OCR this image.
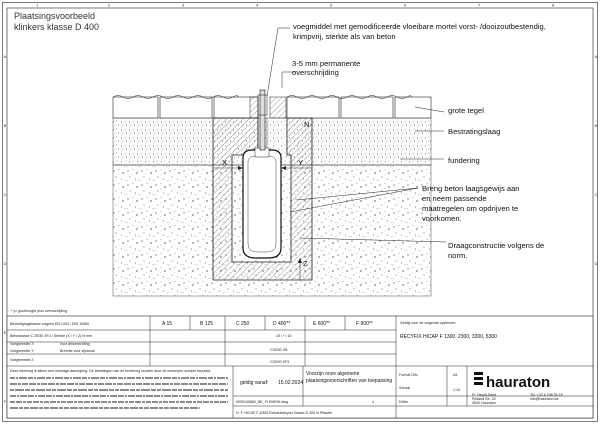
1	2	3	4	5	6	7	8
A
B
C
D
E
F
A
B
C
D
Plaatsingsvoorbeeld
klinkers klasse D 400
X	Y
Z
N
voegmiddel met gemodificeerde vloeibare mortel vorst- /dooizoutbestendig,
krimpvrij, sterkte als van beton
3-5 mm permanente
overschrijding
grote tegel
Bestratingslaag
fundering
Breng beton laagsgewijs aan
en neem passende
maatregelen om opdrijven te
voorkomen.
Draagconstructie volgens de
norm.
* y= goothoogte plus overschrijding
Bevestigingsklasse volgens EN 1433 / DIN 19580	A 15	B 125	C 250	D 400**	E 600**	F 900**
Betonklasse C 25/30 XF4 / Sterkte (X / Y / Z) in mm	15 / * / 15
Voegbreedte X	voor afvoerrichting
Voegbreedte Y	Breedte voor zijstrook	C25/30 XB
Voegbreedte Z	C25/30 XF3
Deze tekening is alleen een montage-aanwijzing. De afmetingen van de fundering moeten door de ontwerper worden bepaald.
geldig vanaf: 15.02.2024
Voorzijn onze algemene
plaatsingsvoorschriften van toepassing
0000145860_BE_FLEMISH.dwg	4
Format DIN	A4
Schaal	1:10
Editie
H. F. HICAP F-D300 Einbaubeispiel Klasse D 400 in Pflaster
Geldig voor de volgende systemen:
RECYFIX HICAP F 1300, 2300, 3300, 5300
hauraton
Fr. Heydt-Sand.
Reiland Str. 24
4840 Hauraton
Tel: +32 4 298 55 18
info@hauraton.be
